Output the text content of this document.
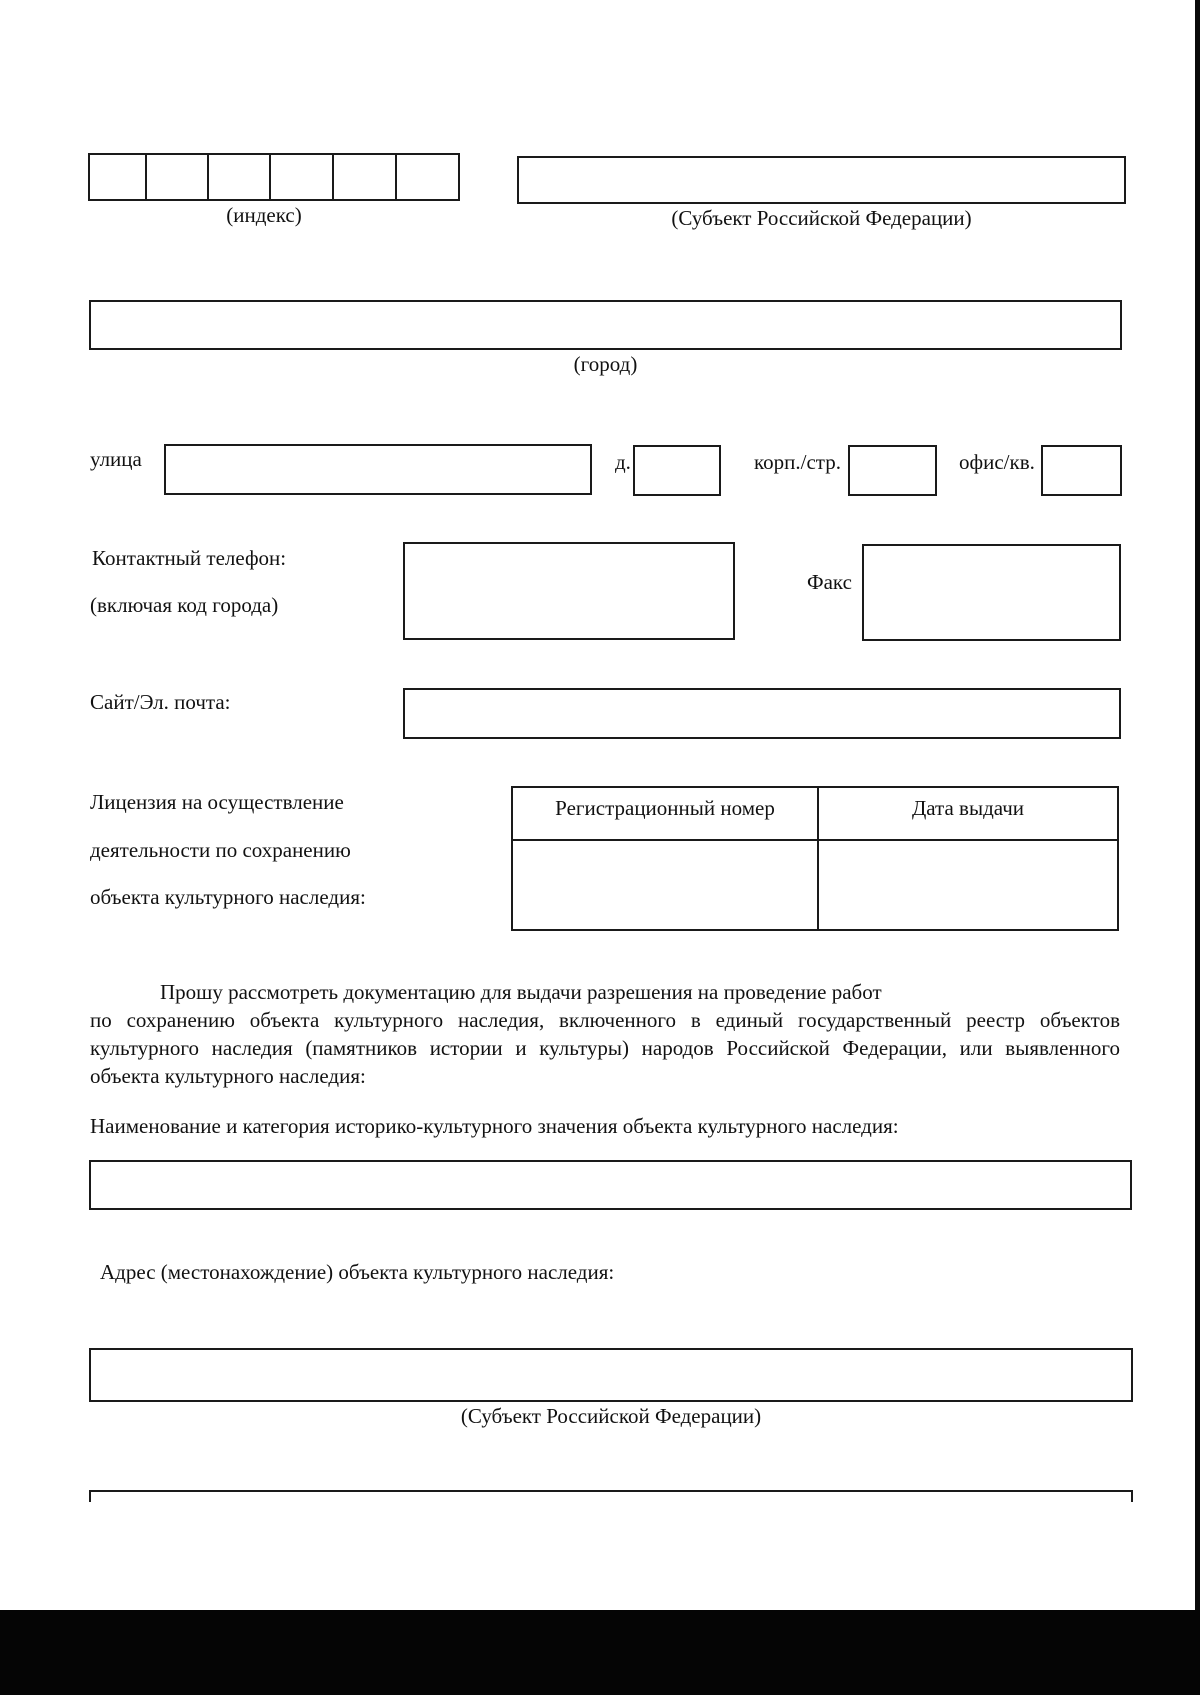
(индекс)	(Субъект Российской Федерации)
(город)
улица	д.	корп./стр.	офис/кв.
Контактный телефон:
(включая код города)
Факс
Сайт/Эл. почта:
Лицензия на осуществление
деятельности по сохранению
объекта культурного наследия:
Регистрационный номер	Дата выдачи

Прошу рассмотреть документацию для выдачи разрешения на проведение работ
по сохранению объекта культурного наследия, включенного в единый государственный реестр объектов культурного наследия (памятников истории и культуры) народов Российской Федерации, или выявленного объекта культурного наследия:
Наименование и категория историко-культурного значения объекта культурного наследия:
Адрес (местонахождение) объекта культурного наследия:
(Субъект Российской Федерации)
